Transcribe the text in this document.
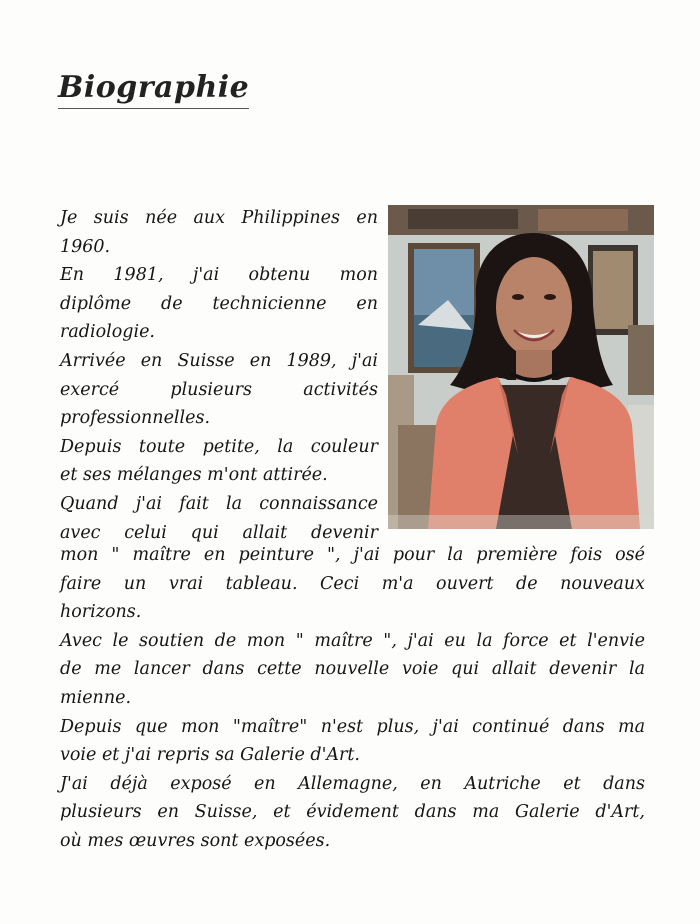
Biographie
Je suis née aux Philippines en
1960.
En 1981, j'ai obtenu mon
diplôme de technicienne en
radiologie.
Arrivée en Suisse en 1989, j'ai
exercé plusieurs activités
professionnelles.
Depuis toute petite, la couleur
et ses mélanges m'ont attirée.
Quand j'ai fait la connaissance
avec celui qui allait devenir
mon " maître en peinture ", j'ai pour la première fois osé
faire un vrai tableau. Ceci m'a ouvert de nouveaux
horizons.
Avec le soutien de mon " maître ", j'ai eu la force et l'envie
de me lancer dans cette nouvelle voie qui allait devenir la
mienne.
Depuis que mon "maître" n'est plus, j'ai continué dans ma
voie et j'ai repris sa Galerie d'Art.
J'ai déjà exposé en Allemagne, en Autriche et dans
plusieurs en Suisse, et évidement dans ma Galerie d'Art,
où mes œuvres sont exposées.
